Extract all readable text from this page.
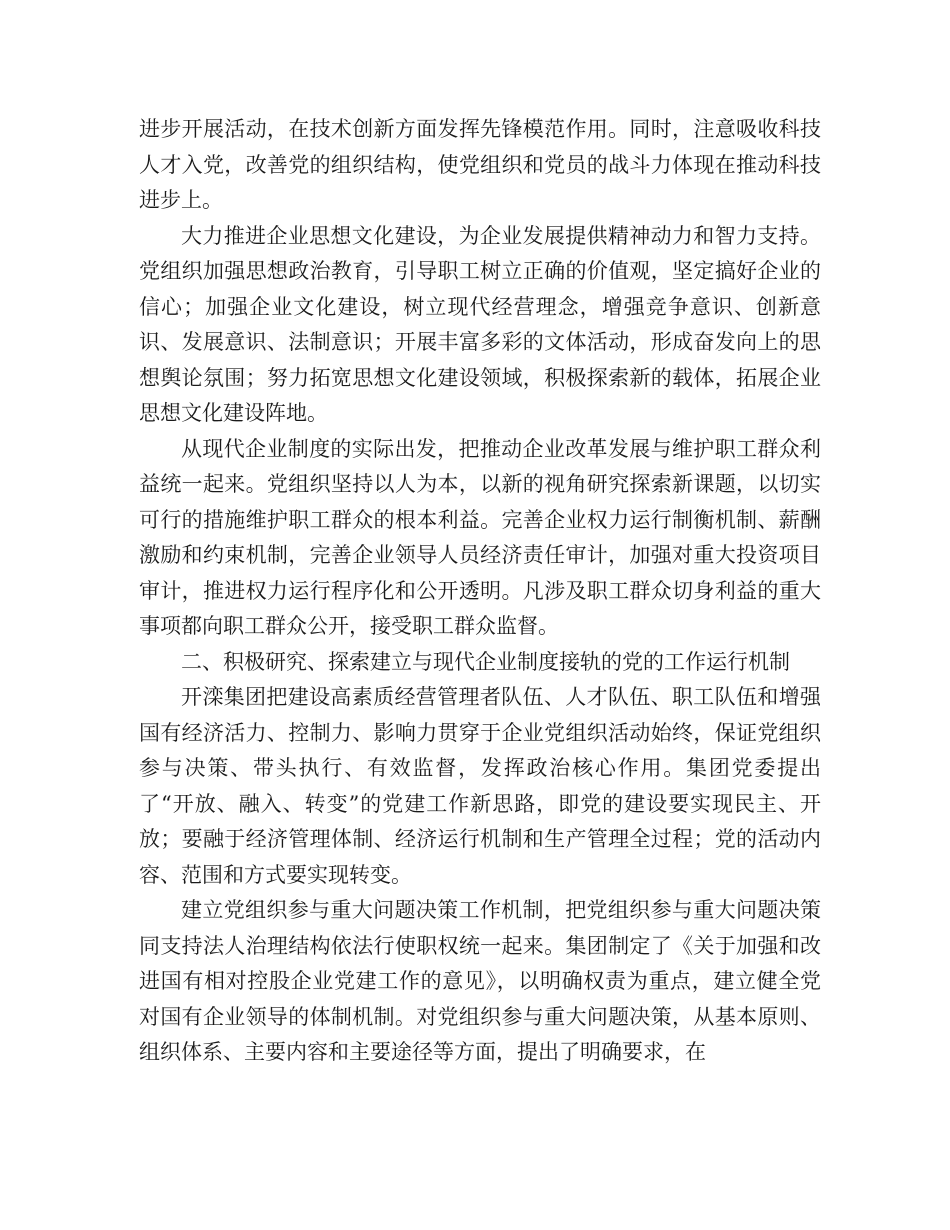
进步开展活动，在技术创新方面发挥先锋模范作用。同时，注意吸收科技人才入党，改善党的组织结构，使党组织和党员的战斗力体现在推动科技进步上。

大力推进企业思想文化建设，为企业发展提供精神动力和智力支持。党组织加强思想政治教育，引导职工树立正确的价值观，坚定搞好企业的信心；加强企业文化建设，树立现代经营理念，增强竞争意识、创新意识、发展意识、法制意识；开展丰富多彩的文体活动，形成奋发向上的思想舆论氛围；努力拓宽思想文化建设领域，积极探索新的载体，拓展企业思想文化建设阵地。

从现代企业制度的实际出发，把推动企业改革发展与维护职工群众利益统一起来。党组织坚持以人为本，以新的视角研究探索新课题，以切实可行的措施维护职工群众的根本利益。完善企业权力运行制衡机制、薪酬激励和约束机制，完善企业领导人员经济责任审计，加强对重大投资项目审计，推进权力运行程序化和公开透明。凡涉及职工群众切身利益的重大事项都向职工群众公开，接受职工群众监督。

二、积极研究、探索建立与现代企业制度接轨的党的工作运行机制

开滦集团把建设高素质经营管理者队伍、人才队伍、职工队伍和增强国有经济活力、控制力、影响力贯穿于企业党组织活动始终，保证党组织参与决策、带头执行、有效监督，发挥政治核心作用。集团党委提出了“开放、融入、转变”的党建工作新思路，即党的建设要实现民主、开放；要融于经济管理体制、经济运行机制和生产管理全过程；党的活动内容、范围和方式要实现转变。

建立党组织参与重大问题决策工作机制，把党组织参与重大问题决策同支持法人治理结构依法行使职权统一起来。集团制定了《关于加强和改进国有相对控股企业党建工作的意见》，以明确权责为重点，建立健全党对国有企业领导的体制机制。对党组织参与重大问题决策，从基本原则、组织体系、主要内容和主要途径等方面，提出了明确要求，在
